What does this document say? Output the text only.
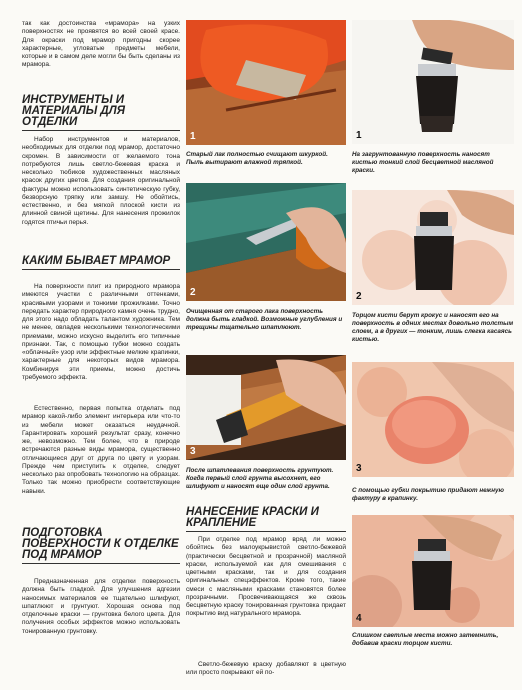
так как достоинства «мрамора» на узких поверхностях не проявятся во всей своей красе. Для окраски под мрамор пригодны скорее характерные, угловатые предметы мебели, которые и в самом деле могли бы быть сделаны из мрамора.

ИНСТРУМЕНТЫ И МАТЕРИАЛЫ ДЛЯ ОТДЕЛКИ

Набор инструментов и материалов, необходимых для отделки под мрамор, достаточно скромен. В зависимости от желаемого тона потребуются лишь светло-бежевая краска и несколько тюбиков художественных масляных красок других цветов. Для создания оригинальной фактуры можно использовать синтетическую губку, безворсную тряпку или замшу. Не обойтись, естественно, и без мягкой плоской кисти из длинной свиной щетины. Для нанесения прожилок годятся птичьи перья.

КАКИМ БЫВАЕТ МРАМОР

На поверхности плит из природного мрамора имеются участки с различными оттенками, красивыми узорами и тонкими прожилками. Точно передать характер природного камня очень трудно, для этого надо обладать талантом художника. Тем не менее, овладев несколькими технологическими приемами, можно искусно выделить его типичные признаки. Так, с помощью губки можно создать «облачный» узор или эффектные мелкие крапинки, характерные для некоторых видов мрамора. Комбинируя эти приемы, можно достичь требуемого эффекта.

Естественно, первая попытка отделать под мрамор какой-либо элемент интерьера или что-то из мебели может оказаться неудачной. Гарантировать хороший результат сразу, конечно же, невозможно. Тем более, что в природе встречаются разные виды мрамора, существенно отличающиеся друг от друга по цвету и узорам. Прежде чем приступить к отделке, следует несколько раз опробовать технологию на образцах. Только так можно приобрести соответствующие навыки.

ПОДГОТОВКА ПОВЕРХНОСТИ К ОТДЕЛКЕ ПОД МРАМОР

Предназначенная для отделки поверхность должна быть гладкой. Для улучшения адгезии наносимых материалов ее тщательно шлифуют, шпатлюют и грунтуют. Хорошая основа под отделочные краски — грунтовка белого цвета. Для получения особых эффектов можно использовать тонированную грунтовку.

1

Старый лак полностью счищают шкуркой. Пыль вытирают влажной тряпкой.

2

Очищенная от старого лака поверхность должна быть гладкой. Возможные углубления и трещины тщательно шпатлюют.

3

После шпатлевания поверхность грунтуют. Когда первый слой грунта высохнет, его шлифуют и наносят еще один слой грунта.

НАНЕСЕНИЕ КРАСКИ И КРАПЛЕНИЕ

При отделке под мрамор вряд ли можно обойтись без малоукрывистой светло-бежевой (практически бесцветной и прозрачной) масляной краски, используемой как для смешивания с цветными красками, так и для создания оригинальных спецэффектов. Кроме того, такие смеси с масляными красками становятся более прозрачными. Просвечивающаяся же сквозь бесцветную краску тонированная грунтовка придает покрытию вид натурального мрамора.

Светло-бежевую краску добавляют в цветную или просто покрывают ей по-

1

На загрунтованную поверхность наносят кистью тонкий слой бесцветной масляной краски.

2

Торцом кисти берут крокус и наносят его на поверхность в одних местах довольно толстым слоем, а в других — тонким, лишь слегка касаясь кистью.

3

С помощью губки покрытию придают нежную фактуру в крапинку.

4

Слишком светлые места можно затемнить, добавив краски торцом кисти.
